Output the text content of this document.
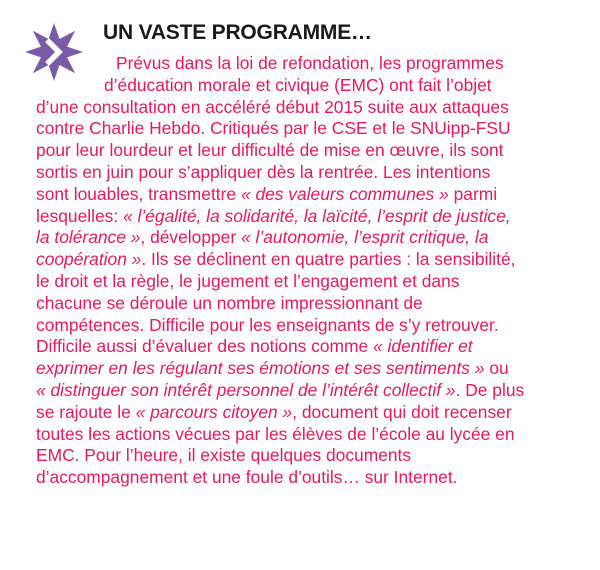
UN VASTE PROGRAMME…
Prévus dans la loi de refondation, les programmes
d’éducation morale et civique (EMC) ont fait l’objet
d’une consultation en accéléré début 2015 suite aux attaques
contre Charlie Hebdo. Critiqués par le CSE et le SNUipp-FSU
pour leur lourdeur et leur difficulté de mise en œuvre, ils sont
sortis en juin pour s’appliquer dès la rentrée. Les intentions
sont louables, transmettre « des valeurs communes » parmi
lesquelles: « l’égalité, la solidarité, la laïcité, l’esprit de justice,
la tolérance », développer « l’autonomie, l’esprit critique, la
coopération ». Ils se déclinent en quatre parties : la sensibilité,
le droit et la règle, le jugement et l’engagement et dans
chacune se déroule un nombre impressionnant de
compétences. Difficile pour les enseignants de s’y retrouver.
Difficile aussi d’évaluer des notions comme « identifier et
exprimer en les régulant ses émotions et ses sentiments » ou
« distinguer son intérêt personnel de l’intérêt collectif ». De plus
se rajoute le « parcours citoyen », document qui doit recenser
toutes les actions vécues par les élèves de l’école au lycée en
EMC. Pour l’heure, il existe quelques documents
d’accompagnement et une foule d’outils… sur Internet.
